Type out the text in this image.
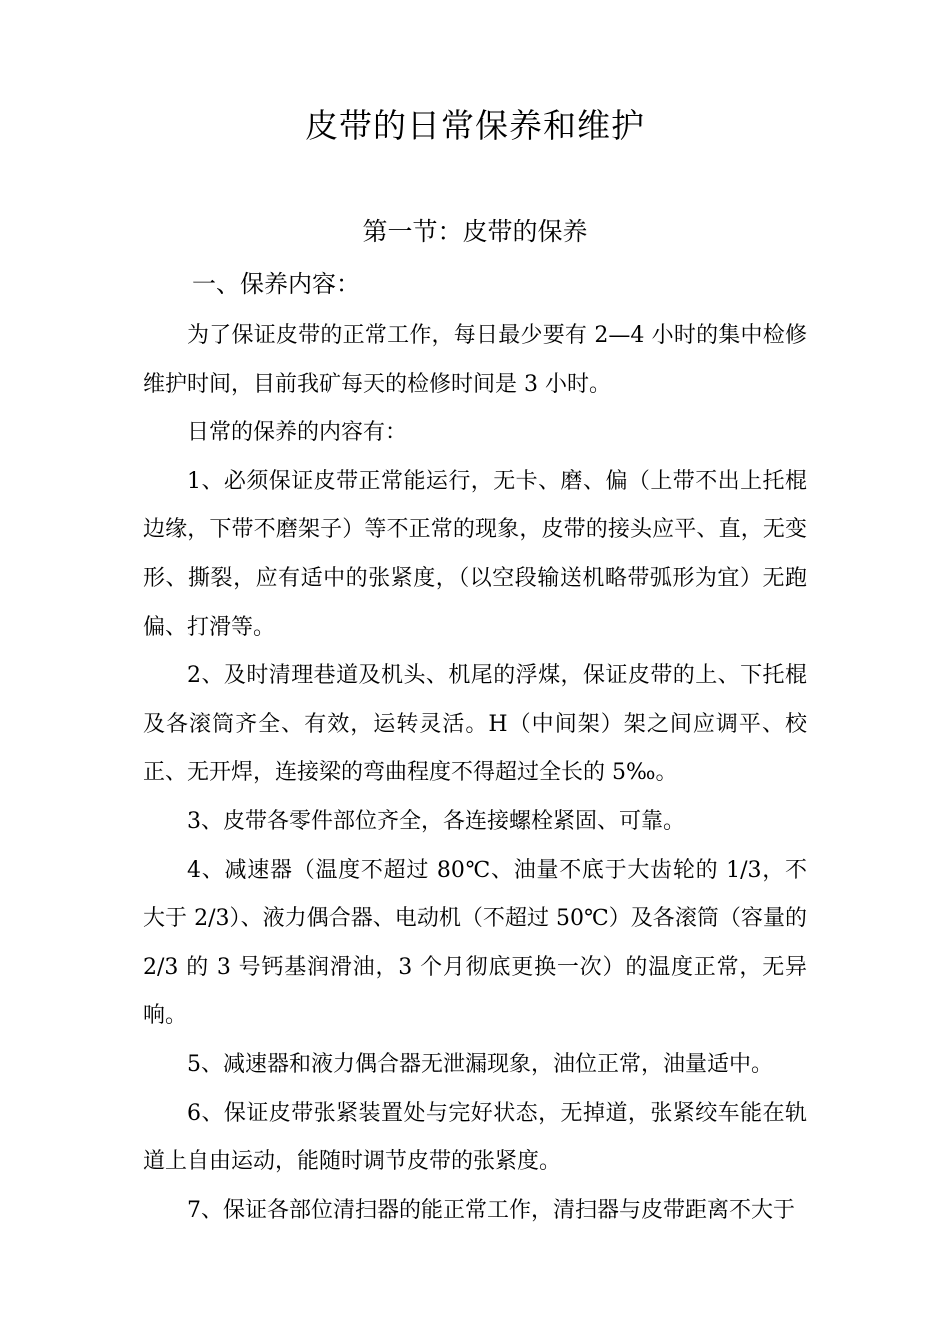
皮带的日常保养和维护
第一节：皮带的保养
一、保养内容：

为了保证皮带的正常工作，每日最少要有 2—4 小时的集中检修维护时间，目前我矿每天的检修时间是 3 小时。

日常的保养的内容有：

1、必须保证皮带正常能运行，无卡、磨、偏（上带不出上托棍边缘，下带不磨架子）等不正常的现象，皮带的接头应平、直，无变形、撕裂，应有适中的张紧度，（以空段输送机略带弧形为宜）无跑偏、打滑等。

2、及时清理巷道及机头、机尾的浮煤，保证皮带的上、下托棍及各滚筒齐全、有效，运转灵活。H（中间架）架之间应调平、校正、无开焊，连接梁的弯曲程度不得超过全长的 5‰。

3、皮带各零件部位齐全，各连接螺栓紧固、可靠。

4、减速器（温度不超过 80℃、油量不底于大齿轮的 1/3，不大于 2/3）、液力偶合器、电动机（不超过 50℃）及各滚筒（容量的 2/3 的 3 号钙基润滑油，3 个月彻底更换一次）的温度正常，无异响。

5、减速器和液力偶合器无泄漏现象，油位正常，油量适中。

6、保证皮带张紧装置处与完好状态，无掉道，张紧绞车能在轨道上自由运动，能随时调节皮带的张紧度。

7、保证各部位清扫器的能正常工作，清扫器与皮带距离不大于
